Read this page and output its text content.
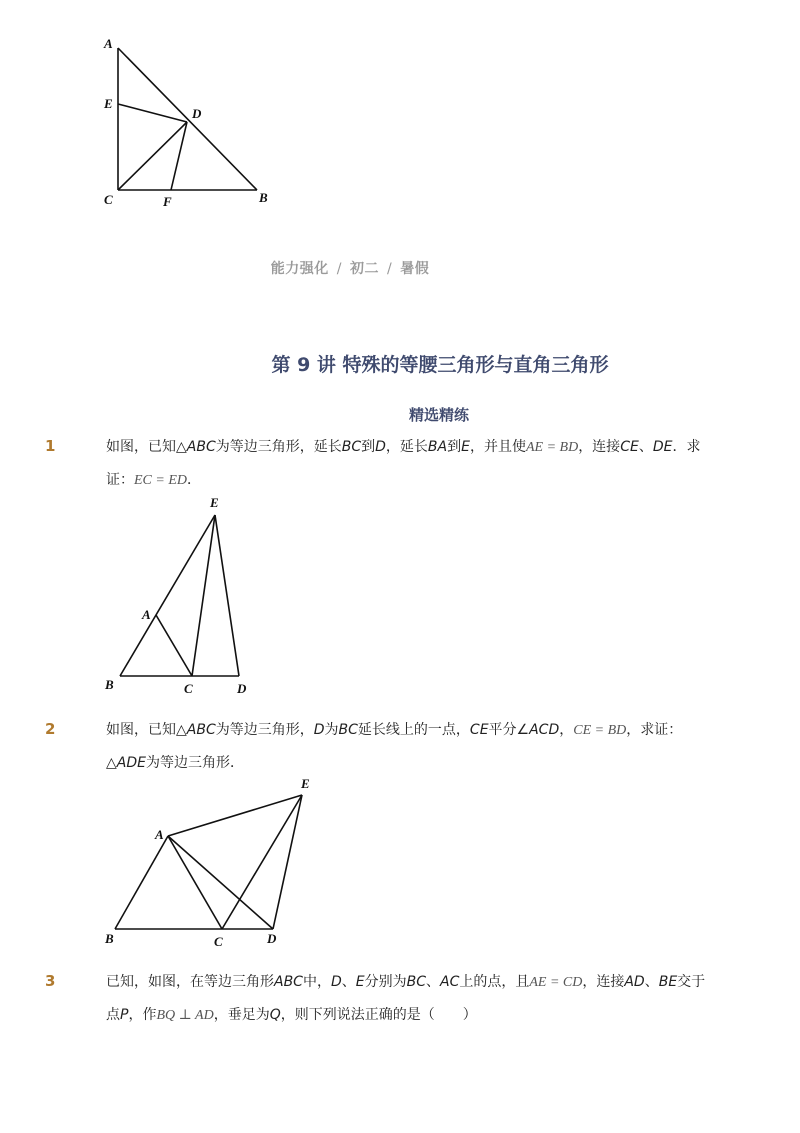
A
E
D
C	F	B
能力强化 / 初二 / 暑假
第 9 讲 特殊的等腰三角形与直角三角形
精选精练
1	如图，已知△ABC为等边三角形，延长BC到D，延长BA到E，并且使AE = BD，连接CE、DE．求
证：EC = ED．
E
A
B	C	D
2	如图，已知△ABC为等边三角形，D为BC延长线上的一点，CE平分∠ACD，CE = BD，求证：
△ADE为等边三角形．
E
A
B	C	D
3	已知，如图，在等边三角形ABC中，D、E分别为BC、AC上的点，且AE = CD，连接AD、BE交于
点P，作BQ ⊥ AD，垂足为Q，则下列说法正确的是（　　）
